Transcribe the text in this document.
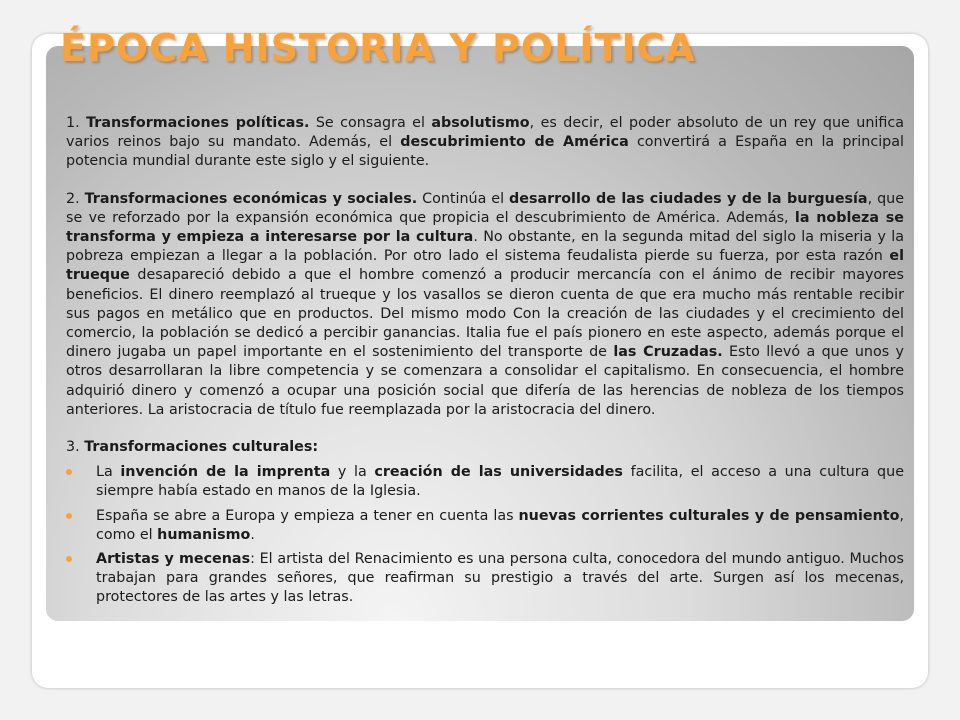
ÉPOCA HISTORIA Y POLÍTICA

1. Transformaciones políticas. Se consagra el absolutismo, es decir, el poder absoluto de un rey que unifica varios reinos bajo su mandato. Además, el descubrimiento de América convertirá a España en la principal potencia mundial durante este siglo y el siguiente.

2. Transformaciones económicas y sociales. Continúa el desarrollo de las ciudades y de la burguesía, que se ve reforzado por la expansión económica que propicia el descubrimiento de América. Además, la nobleza se transforma y empieza a interesarse por la cultura. No obstante, en la segunda mitad del siglo la miseria y la pobreza empiezan a llegar a la población. Por otro lado el sistema feudalista pierde su fuerza, por esta razón el trueque desapareció debido a que el hombre comenzó a producir mercancía con el ánimo de recibir mayores beneficios. El dinero reemplazó al trueque y los vasallos se dieron cuenta de que era mucho más rentable recibir sus pagos en metálico que en productos. Del mismo modo Con la creación de las ciudades y el crecimiento del comercio, la población se dedicó a percibir ganancias. Italia fue el país pionero en este aspecto, además porque el dinero jugaba un papel importante en el sostenimiento del transporte de las Cruzadas. Esto llevó a que unos y otros desarrollaran la libre competencia y se comenzara a consolidar el capitalismo. En consecuencia, el hombre adquirió dinero y comenzó a ocupar una posición social que difería de las herencias de nobleza de los tiempos anteriores. La aristocracia de título fue reemplazada por la aristocracia del dinero.

3. Transformaciones culturales:

La invención de la imprenta y la creación de las universidades facilita, el acceso a una cultura que siempre había estado en manos de la Iglesia.
España se abre a Europa y empieza a tener en cuenta las nuevas corrientes culturales y de pensamiento, como el humanismo.
Artistas y mecenas: El artista del Renacimiento es una persona culta, conocedora del mundo antiguo. Muchos trabajan para grandes señores, que reafirman su prestigio a través del arte. Surgen así los mecenas, protectores de las artes y las letras.
